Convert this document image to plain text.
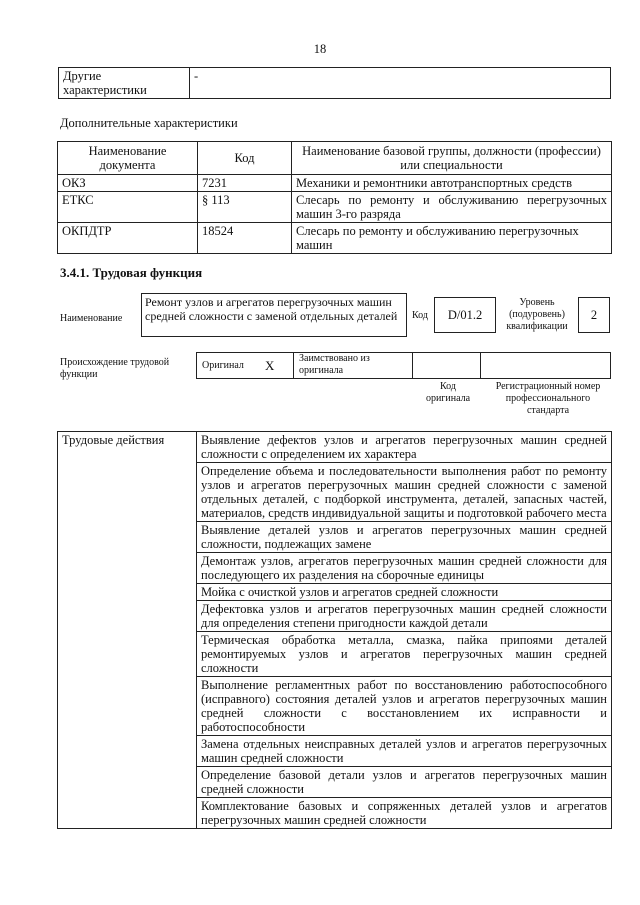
18
Другие характеристики	-
Дополнительные характеристики
Наименование документа	Код	Наименование базовой группы, должности (профессии) или специальности
ОКЗ	7231	Механики и ремонтники автотранспортных средств
ЕТКС	§ 113	Слесарь по ремонту и обслуживанию перегрузочных машин 3-го разряда
ОКПДТР	18524	Слесарь по ремонту и обслуживанию перегрузочных машин
3.4.1. Трудовая функция
Наименование
Ремонт узлов и агрегатов перегрузочных машин средней сложности с заменой отдельных деталей	Код	D/01.2
Уровень (подуровень) квалификации
2
Происхождение трудовой функции
Оригинал X Заимствовано из оригинала
Код оригинала
Регистрационный номер профессионального стандарта
Трудовые действия	Выявление дефектов узлов и агрегатов перегрузочных машин средней сложности с определением их характера
Определение объема и последовательности выполнения работ по ремонту узлов и агрегатов перегрузочных машин средней сложности с заменой отдельных деталей, с подборкой инструмента, деталей, запасных частей, материалов, средств индивидуальной защиты и подготовкой рабочего места
Выявление деталей узлов и агрегатов перегрузочных машин средней сложности, подлежащих замене
Демонтаж узлов, агрегатов перегрузочных машин средней сложности для последующего их разделения на сборочные единицы
Мойка с очисткой узлов и агрегатов средней сложности
Дефектовка узлов и агрегатов перегрузочных машин средней сложности для определения степени пригодности каждой детали
Термическая обработка металла, смазка, пайка припоями деталей ремонтируемых узлов и агрегатов перегрузочных машин средней сложности
Выполнение регламентных работ по восстановлению работоспособного (исправного) состояния деталей узлов и агрегатов перегрузочных машин средней сложности с восстановлением их исправности и работоспособности
Замена отдельных неисправных деталей узлов и агрегатов перегрузочных машин средней сложности
Определение базовой детали узлов и агрегатов перегрузочных машин средней сложности
Комплектование базовых и сопряженных деталей узлов и агрегатов перегрузочных машин средней сложности
